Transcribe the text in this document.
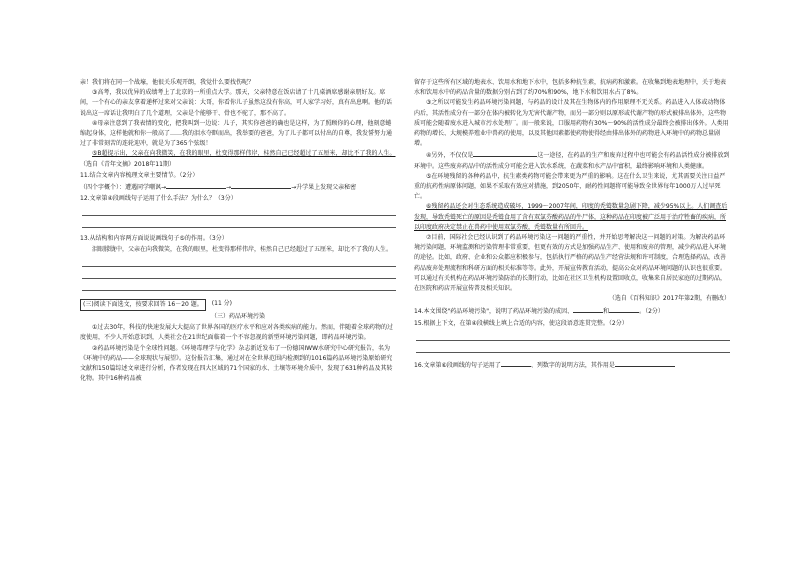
亲！我们将在同一个战壕，他很关乐观开朗，我觉什么要找伤呢？

③高考，我以优异的成绩考上了北京的一所重点大学。那天，父亲特意在饭店请了十几桌酒席感谢亲朋好友。席间，一个有心的亲友拿着递杯过来对父亲说：大哥，你看你儿子虽然这没有你高，可人家学习好，真有出息啊。他的话说出这一席话让我明白了几个道理，父亲是个能够干、骨也不驼了，那不高了。

④母亲注意到了我表情的变化，把我叫到一边说：儿子，其实你爸爸的确也是这样，为了照顾你的心理，他刻意蜷缩起身体，这样他就和你一般高了……我的泪水夺眶而出，我举要的爸爸，为了儿子都可以付出的自尊，我发誓努力通过了非常刻苦的连轮迎冲，就是为了365个弦级！

⑤B超提示出，父亲在向我微笑，在我的眼里，杜变得那样伟岸，桂然自己已经超过了五厘米，却比不了我的人生。

（选自《青年文摘》2018年11期）

11.结合文章内容梳理文章主要情节。（2分）

（四个字概个）：遭遇同学嘲讽→	→	→升学果上发现父亲秘密

12.文章第④段画线句子运用了什么手法？为什么？（3分）

13.从结构和内容两方面说说画线句子⑤的作用。（3分）

泪眼朦胧中，父亲在向我微笑，在我的眼里，杜变得那样伟岸，桂然自己已经超过了五厘米，却比不了我的人生。

(三)阅读下面选文，按要求回答 16－20 题。	(11 分)

（三）药品环境污染

①过去30年，科技的快速发展大大提高了世界各国的医疗水平和应对各类疾病的能力。然而，伴随着全球药物的过度使用，不少人开始意识到，人类社会在21世纪面临着一个不容忽视的新型环境污染问题，即药品环境污染。

②药品环境污染是个全球性问题。《环境毒理学与化学》杂志新近发布了一份德国IWW水研究中心研究报告，名为《环境中的药品——全球现状与展望》。这份报告汇集，通过对在全世界范围内检测到的1016篇药品环境污染原始研究文献和150篇综述文章进行分析，作者发现在四大区域的71个国家的水、土壤等环境介质中，发现了631种药品及其转化物。其中16种药品被

留存于这些所有区域的地表水、饮用水和地下水中，包括多种抗生素，抗病药和激素。在收集到地表地理中，关于地表水和饮用水中的药品含量的数据分别占到了约70%和90%，地下水和饮用水占了8%。

③之所以可能发生药品环境污染问题，与药品的设计及其在生物体内的作用原理不无关系。药品进入人体或动物体内后，其活性成分有一部分在体内被转化为无害代谢产物，而另一部分则以原形或代谢产物的形式被排出体外，这些物质可能会随着废水进入城市污水处理厂。而一般来说，口服用药物有30%～90%的活性成分最终会被排出体外。人类用药物的增长、大规模养殖业中兽药的使用，以及其他因素都使药物使得经由排出体外的药物进入环境中的药物总量剧增。

④另外，不仅仅是	这一途径，在药品的生产和废弃过程中也可能会有药品活性成分被排放到环境中。这些废弃药品中的活性成分可能会进入饮水系统，在蔬菜和水产品中富积，最终影响环境和人类健康。

⑤在环境残留的各种药品中，抗生素类药物可能会带来更为严重的影响。这在什么卫生来说，尤其需要关注日益严重的抗药性病原体问题，如果不采取有效应对措施，到2050年，耐药性问题将可能导致全世界每年1000万人过早死亡。

⑥残留药品还会对生态系统造成破坏，1999～2007年间，印度的秃鹫数量急剧下降，减少95%以上。人们调查后发现，导致秃鹫死亡的原因是秃鹫食用了含有双氯芬酸药品的牛尸体，这种药品在印度被广泛用于治疗牲畜的疾病，所以印度政府决定禁止在兽药中使用双氯芬酸，秃鹫数量有所回升。

⑦目前，国际社会已经认识到了药品环境污染这一问题的严重性，并开始思考解决这一问题的对策。为解决药品环境污染问题，环境监测和污染管理非常重要，但更有效的方式是加强药品生产、使用和废弃的管理，减少药品进入环境的途径。比如，政府、企业和公众都应积极参与，包括执行严格的药品生产经营法规和许可制度，合理选择药品，改善药品废弃处理流程和科研方面的相关标准等等。此外，开展宣传教育活动，提高公众对药品环境问题的认识也很重要。可以通过有关机构在药品环境污染防治的长期行动，比如在社区卫生机构设置回收点，收集来自居民家庭的过期药品，在医院和药店开展宣传普及相关知识。

（选自《百科知识》2017年第2期，有删改）

14.本文围绕"药品环境污染"，说明了药品环境污染的成因、	和	。（2分）

15.根据上下文，在第④段横线上填上合适的内容，使这段语意连贯完整。（2分）

16.文章第⑥段画线的句子运用了	、列数字的说明方法，其作用是
